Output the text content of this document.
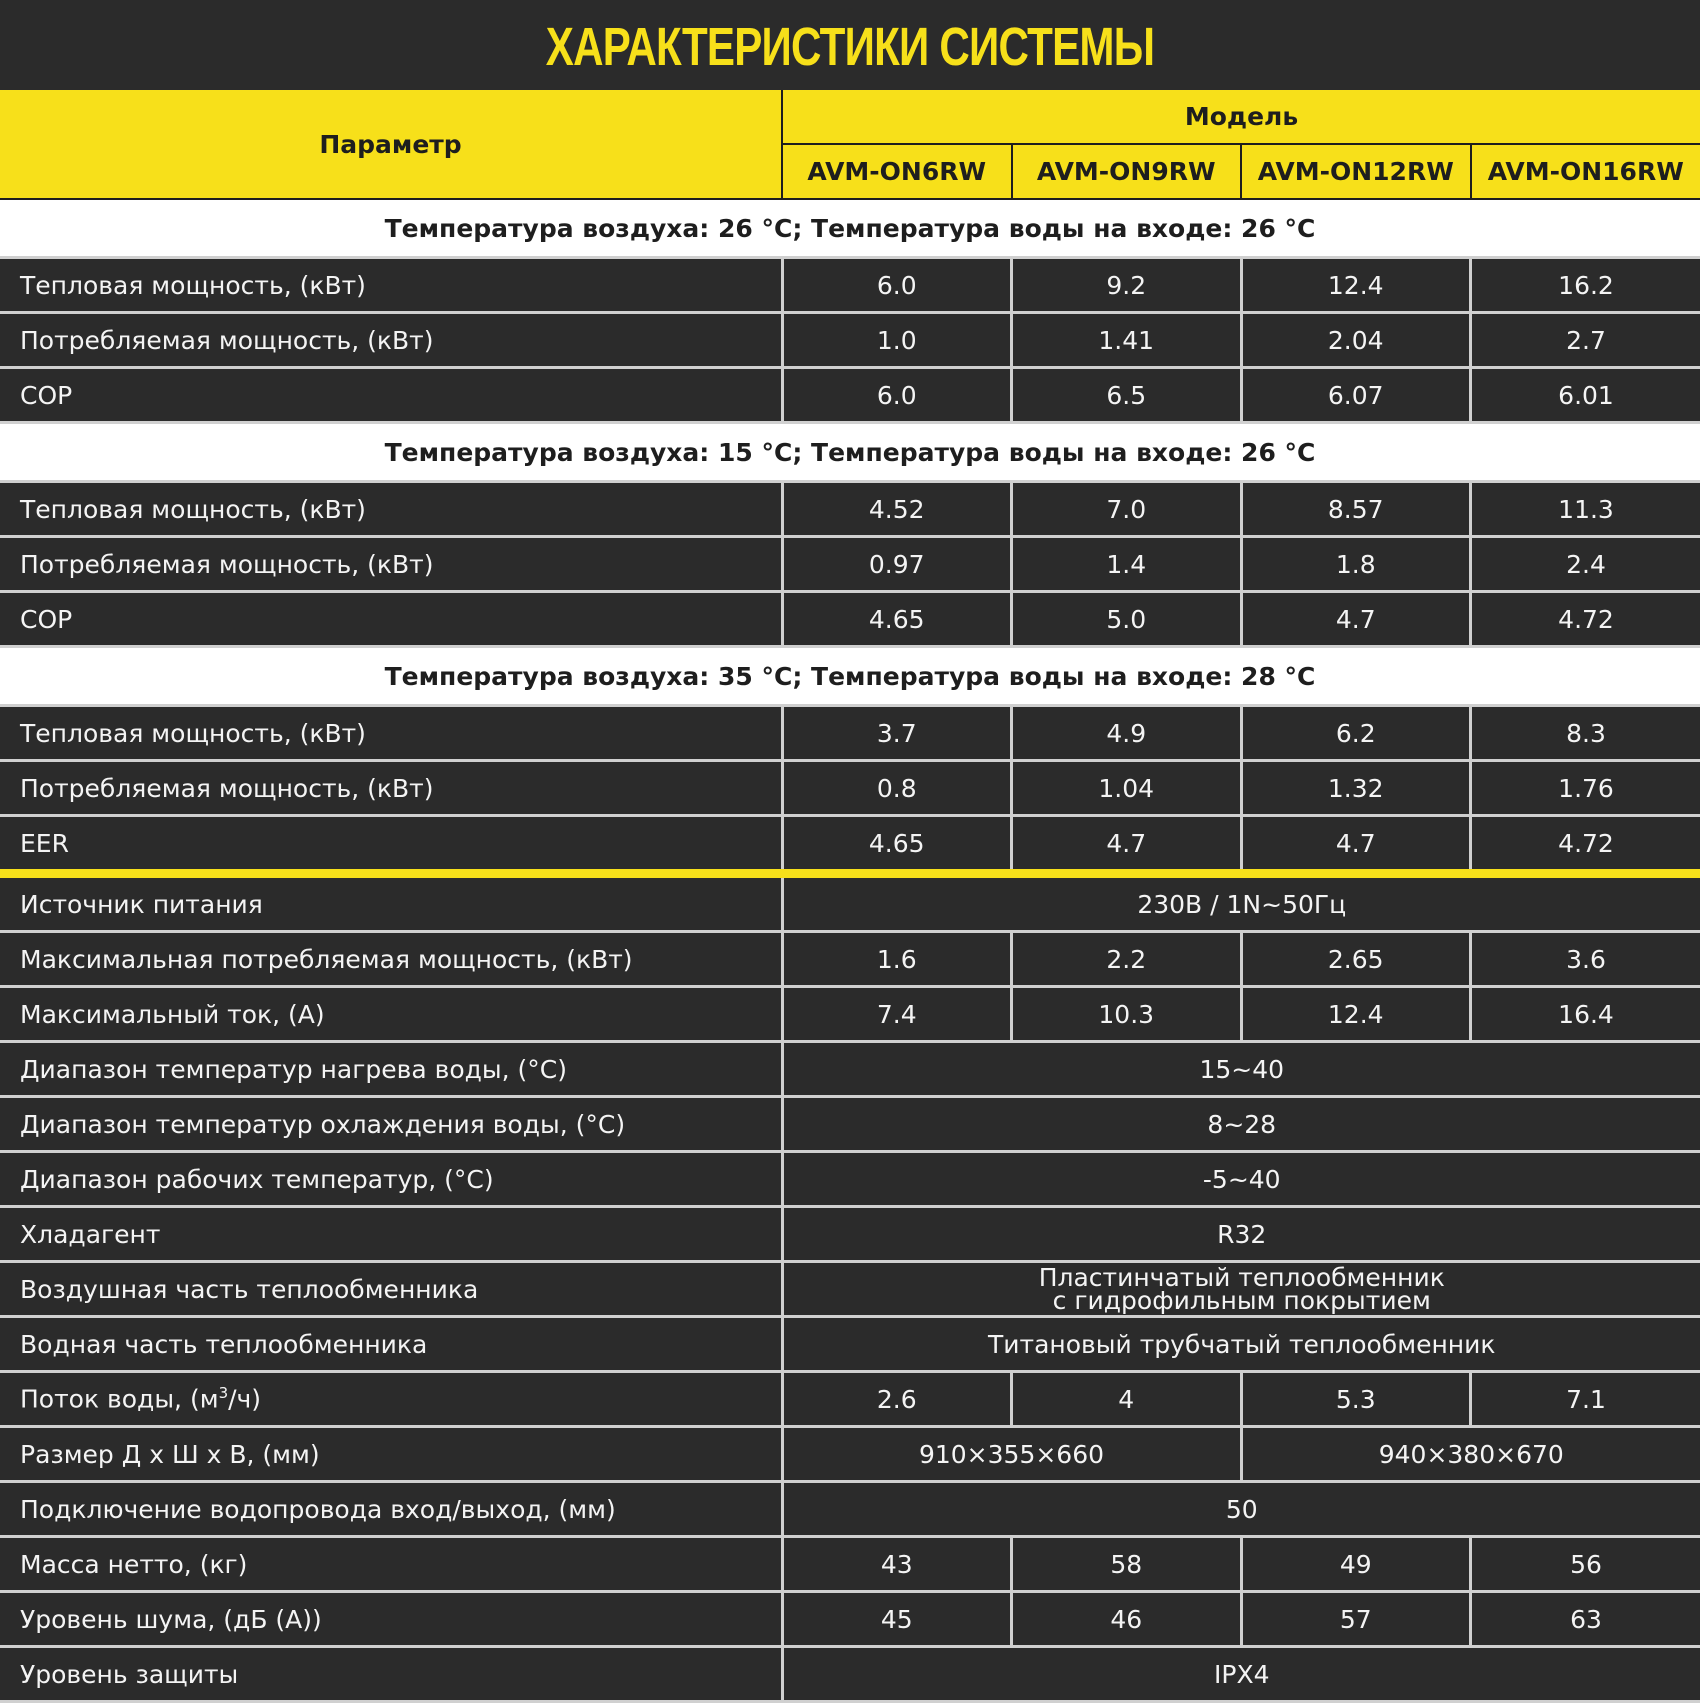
ХАРАКТЕРИСТИКИ СИСТЕМЫ
Параметр	Модель			
	AVM-ON6RW	AVM-ON9RW	AVM-ON12RW	AVM-ON16RW
Температура воздуха: 26 °С; Температура воды на входе: 26 °С				
Тепловая мощность, (кВт)	6.0	9.2	12.4	16.2
Потребляемая мощность, (кВт)	1.0	1.41	2.04	2.7
COP	6.0	6.5	6.07	6.01
Температура воздуха: 15 °С; Температура воды на входе: 26 °С				
Тепловая мощность, (кВт)	4.52	7.0	8.57	11.3
Потребляемая мощность, (кВт)	0.97	1.4	1.8	2.4
COP	4.65	5.0	4.7	4.72
Температура воздуха: 35 °С; Температура воды на входе: 28 °С				
Тепловая мощность, (кВт)	3.7	4.9	6.2	8.3
Потребляемая мощность, (кВт)	0.8	1.04	1.32	1.76
EER	4.65	4.7	4.7	4.72
Источник питания	230В / 1N~50Гц			
Максимальная потребляемая мощность, (кВт)	1.6	2.2	2.65	3.6
Максимальный ток, (А)	7.4	10.3	12.4	16.4
Диапазон температур нагрева воды, (°С)	15~40			
Диапазон температур охлаждения воды, (°С)	8~28			
Диапазон рабочих температур, (°С)	-5~40			
Хладагент	R32			
Воздушная часть теплообменника	Пластинчатый теплообменник
с гидрофильным покрытием			

Водная часть теплообменника	Титановый трубчатый теплообменник			
Поток воды, $(м^3/ч)$	2.6	4	5.3	7.1
Размер Д х Ш х В, (мм)	910×355×660		940×380×670	
Подключение водопровода вход/выход, (мм)	50			
Масса нетто, (кг)	43	58	49	56
Уровень шума, (дБ (А))	45	46	57	63
Уровень защиты	IPX4			
